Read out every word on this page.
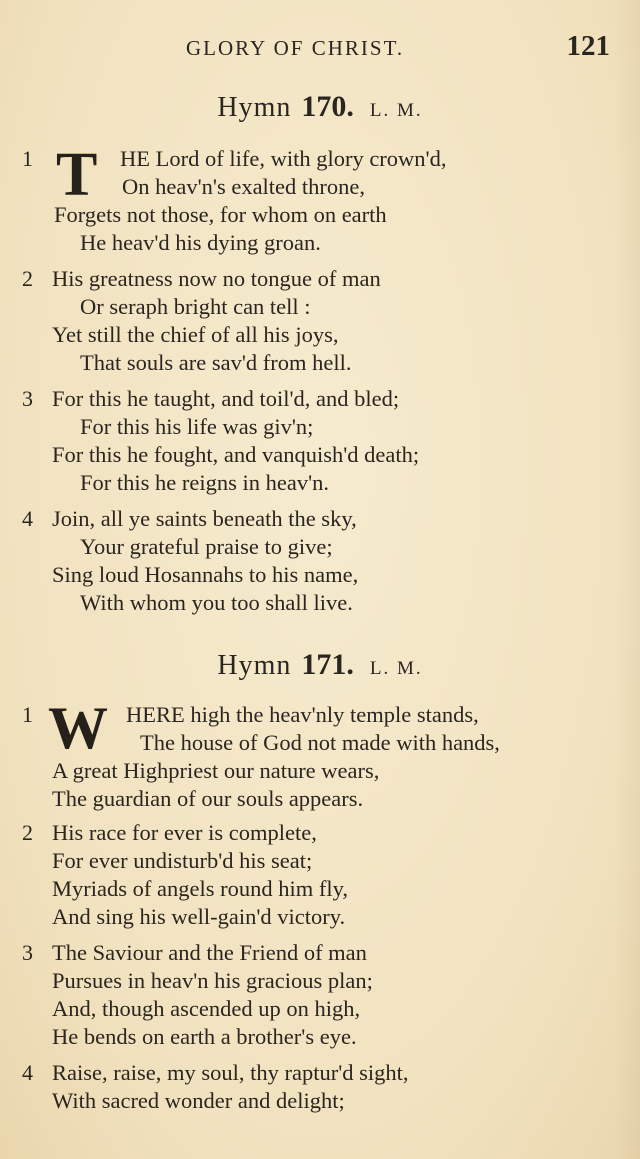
GLORY OF CHRIST.	121
Hymn 170. L. M.
1 T HE Lord of life, with glory crown'd,
On heav'n's exalted throne,
Forgets not those, for whom on earth
He heav'd his dying groan.
2 His greatness now no tongue of man
Or seraph bright can tell :
Yet still the chief of all his joys,
That souls are sav'd from hell.
3 For this he taught, and toil'd, and bled;
For this his life was giv'n;
For this he fought, and vanquish'd death;
For this he reigns in heav'n.
4 Join, all ye saints beneath the sky,
Your grateful praise to give;
Sing loud Hosannahs to his name,
With whom you too shall live.
Hymn 171. L. M.
1 W HERE high the heav'nly temple stands,
The house of God not made with hands,
A great Highpriest our nature wears,
The guardian of our souls appears.
2 His race for ever is complete,
For ever undisturb'd his seat;
Myriads of angels round him fly,
And sing his well-gain'd victory.
3 The Saviour and the Friend of man
Pursues in heav'n his gracious plan;
And, though ascended up on high,
He bends on earth a brother's eye.
4 Raise, raise, my soul, thy raptur'd sight,
With sacred wonder and delight;
